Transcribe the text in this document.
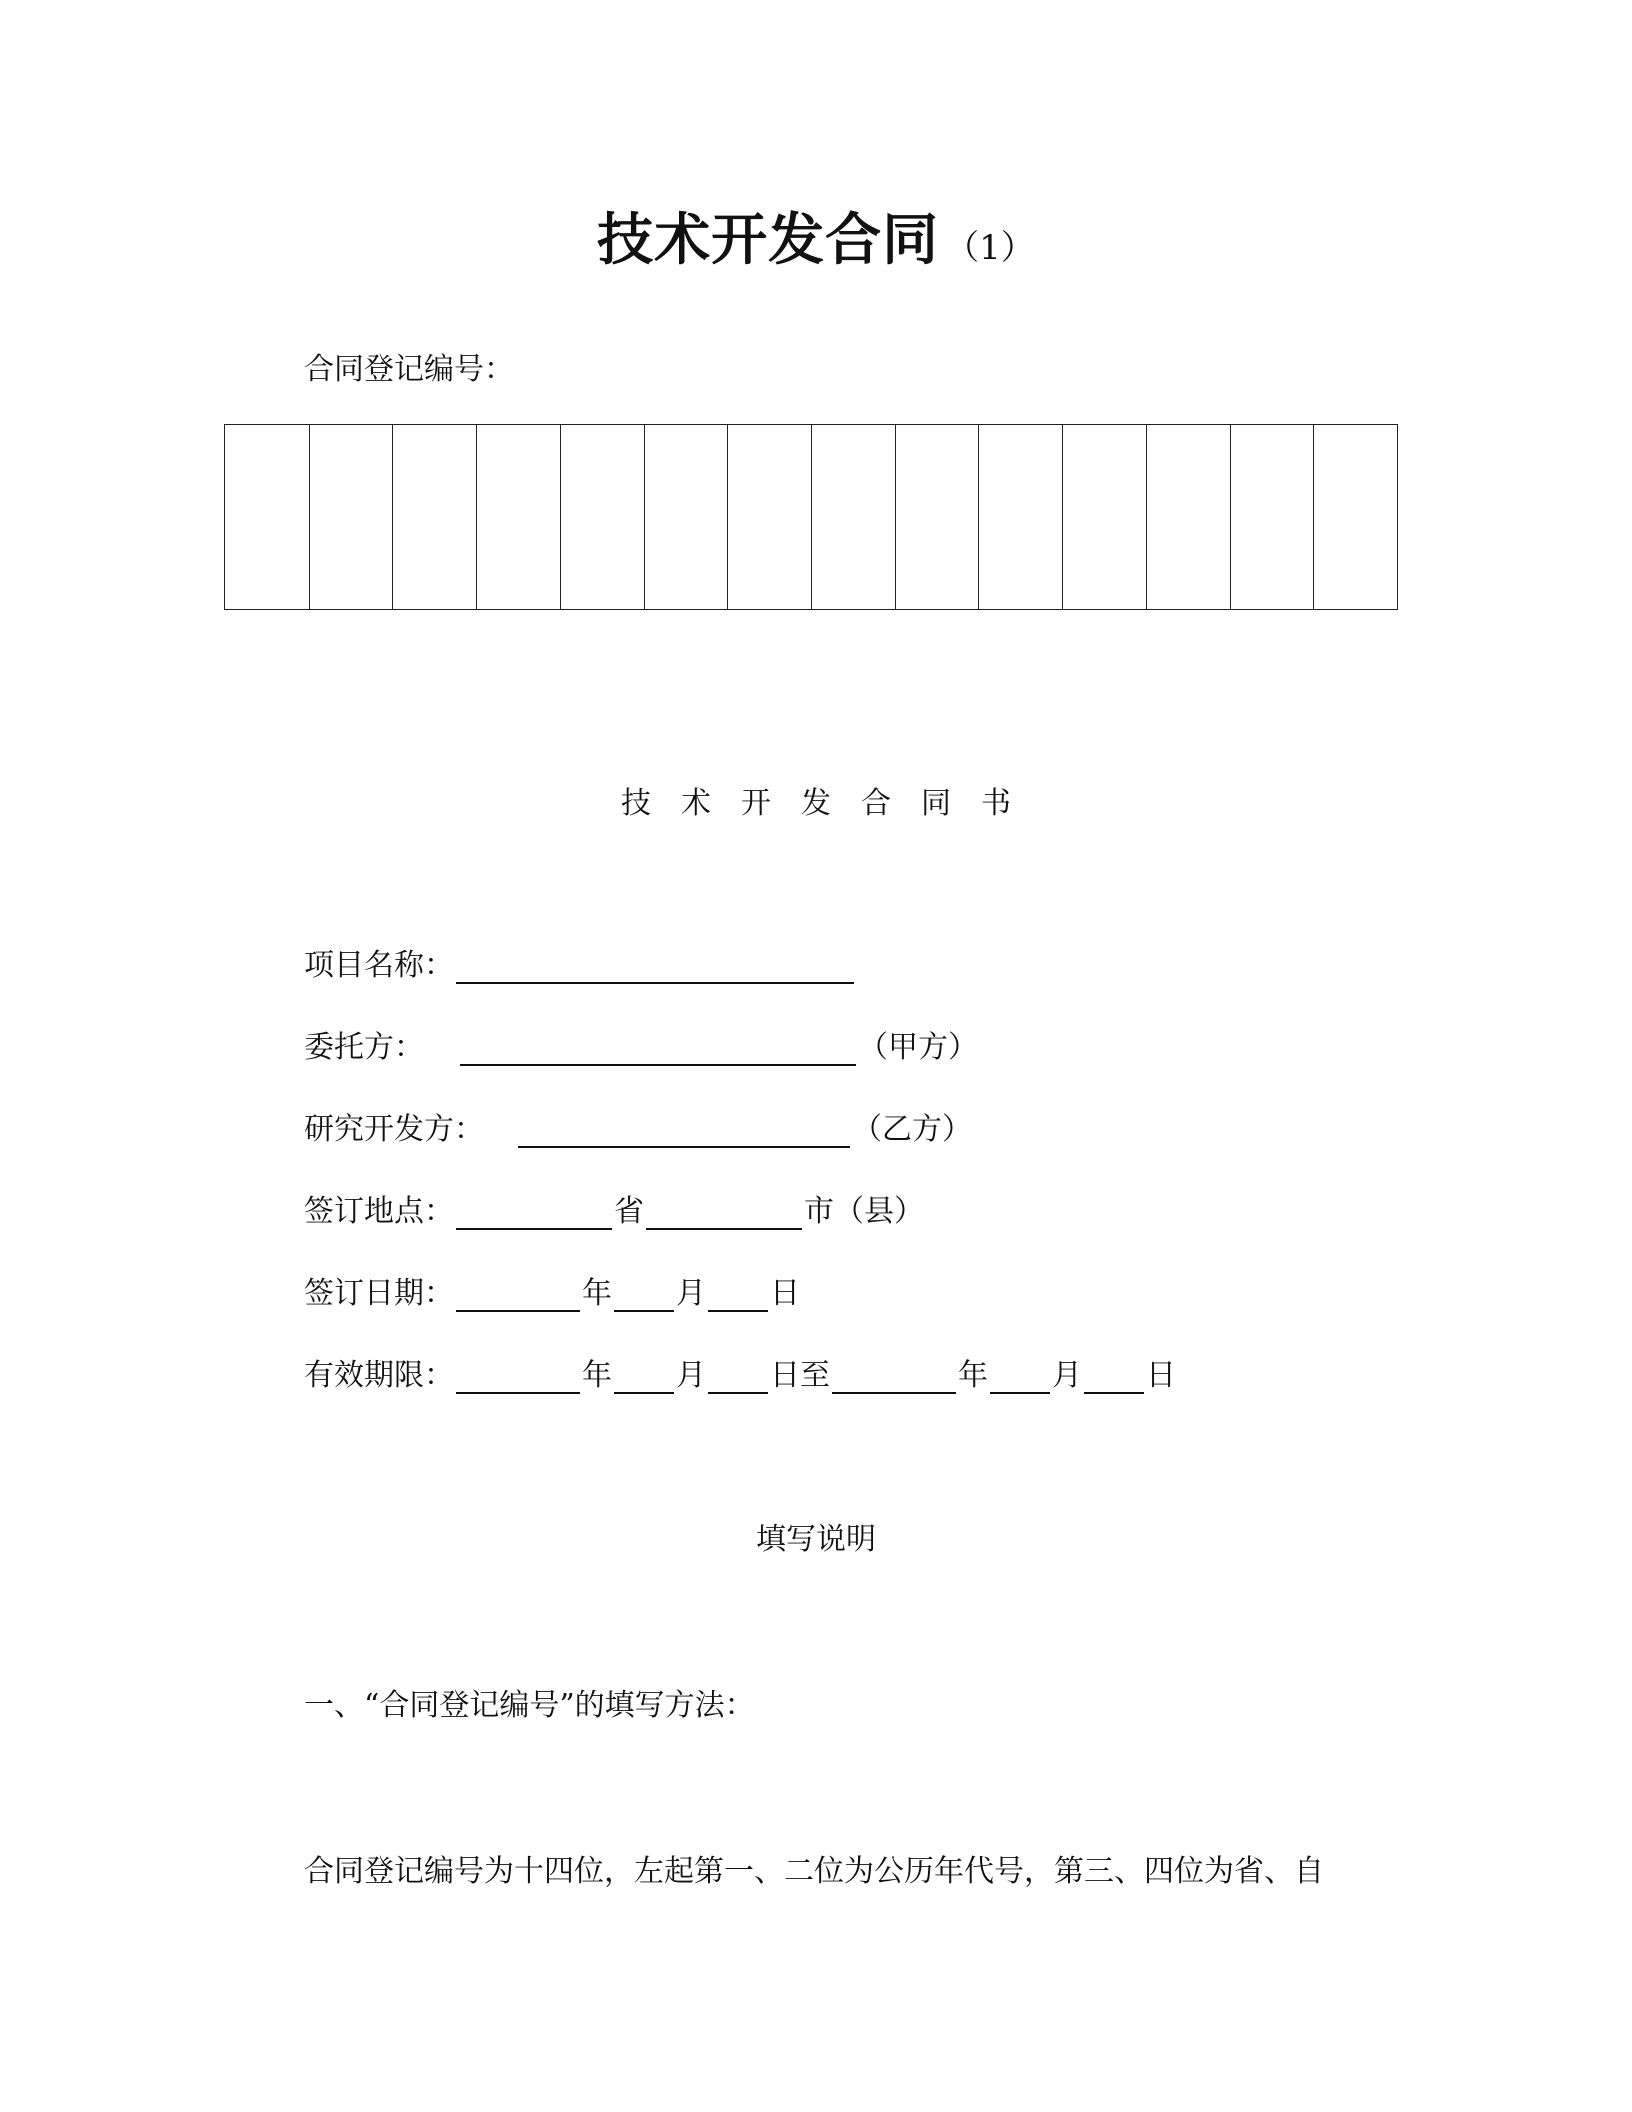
技术开发合同 （1）
合同登记编号：
技术开发合同书
项目名称：
委托方：	（甲方）
研究开发方：	（乙方）
签订地点：	省	市（县）
签订日期：	年 月 日
有效期限：	年 月 日至	年 月 日
填写说明
一、“合同登记编号”的填写方法：
合同登记编号为十四位，左起第一、二位为公历年代号，第三、四位为省、自
